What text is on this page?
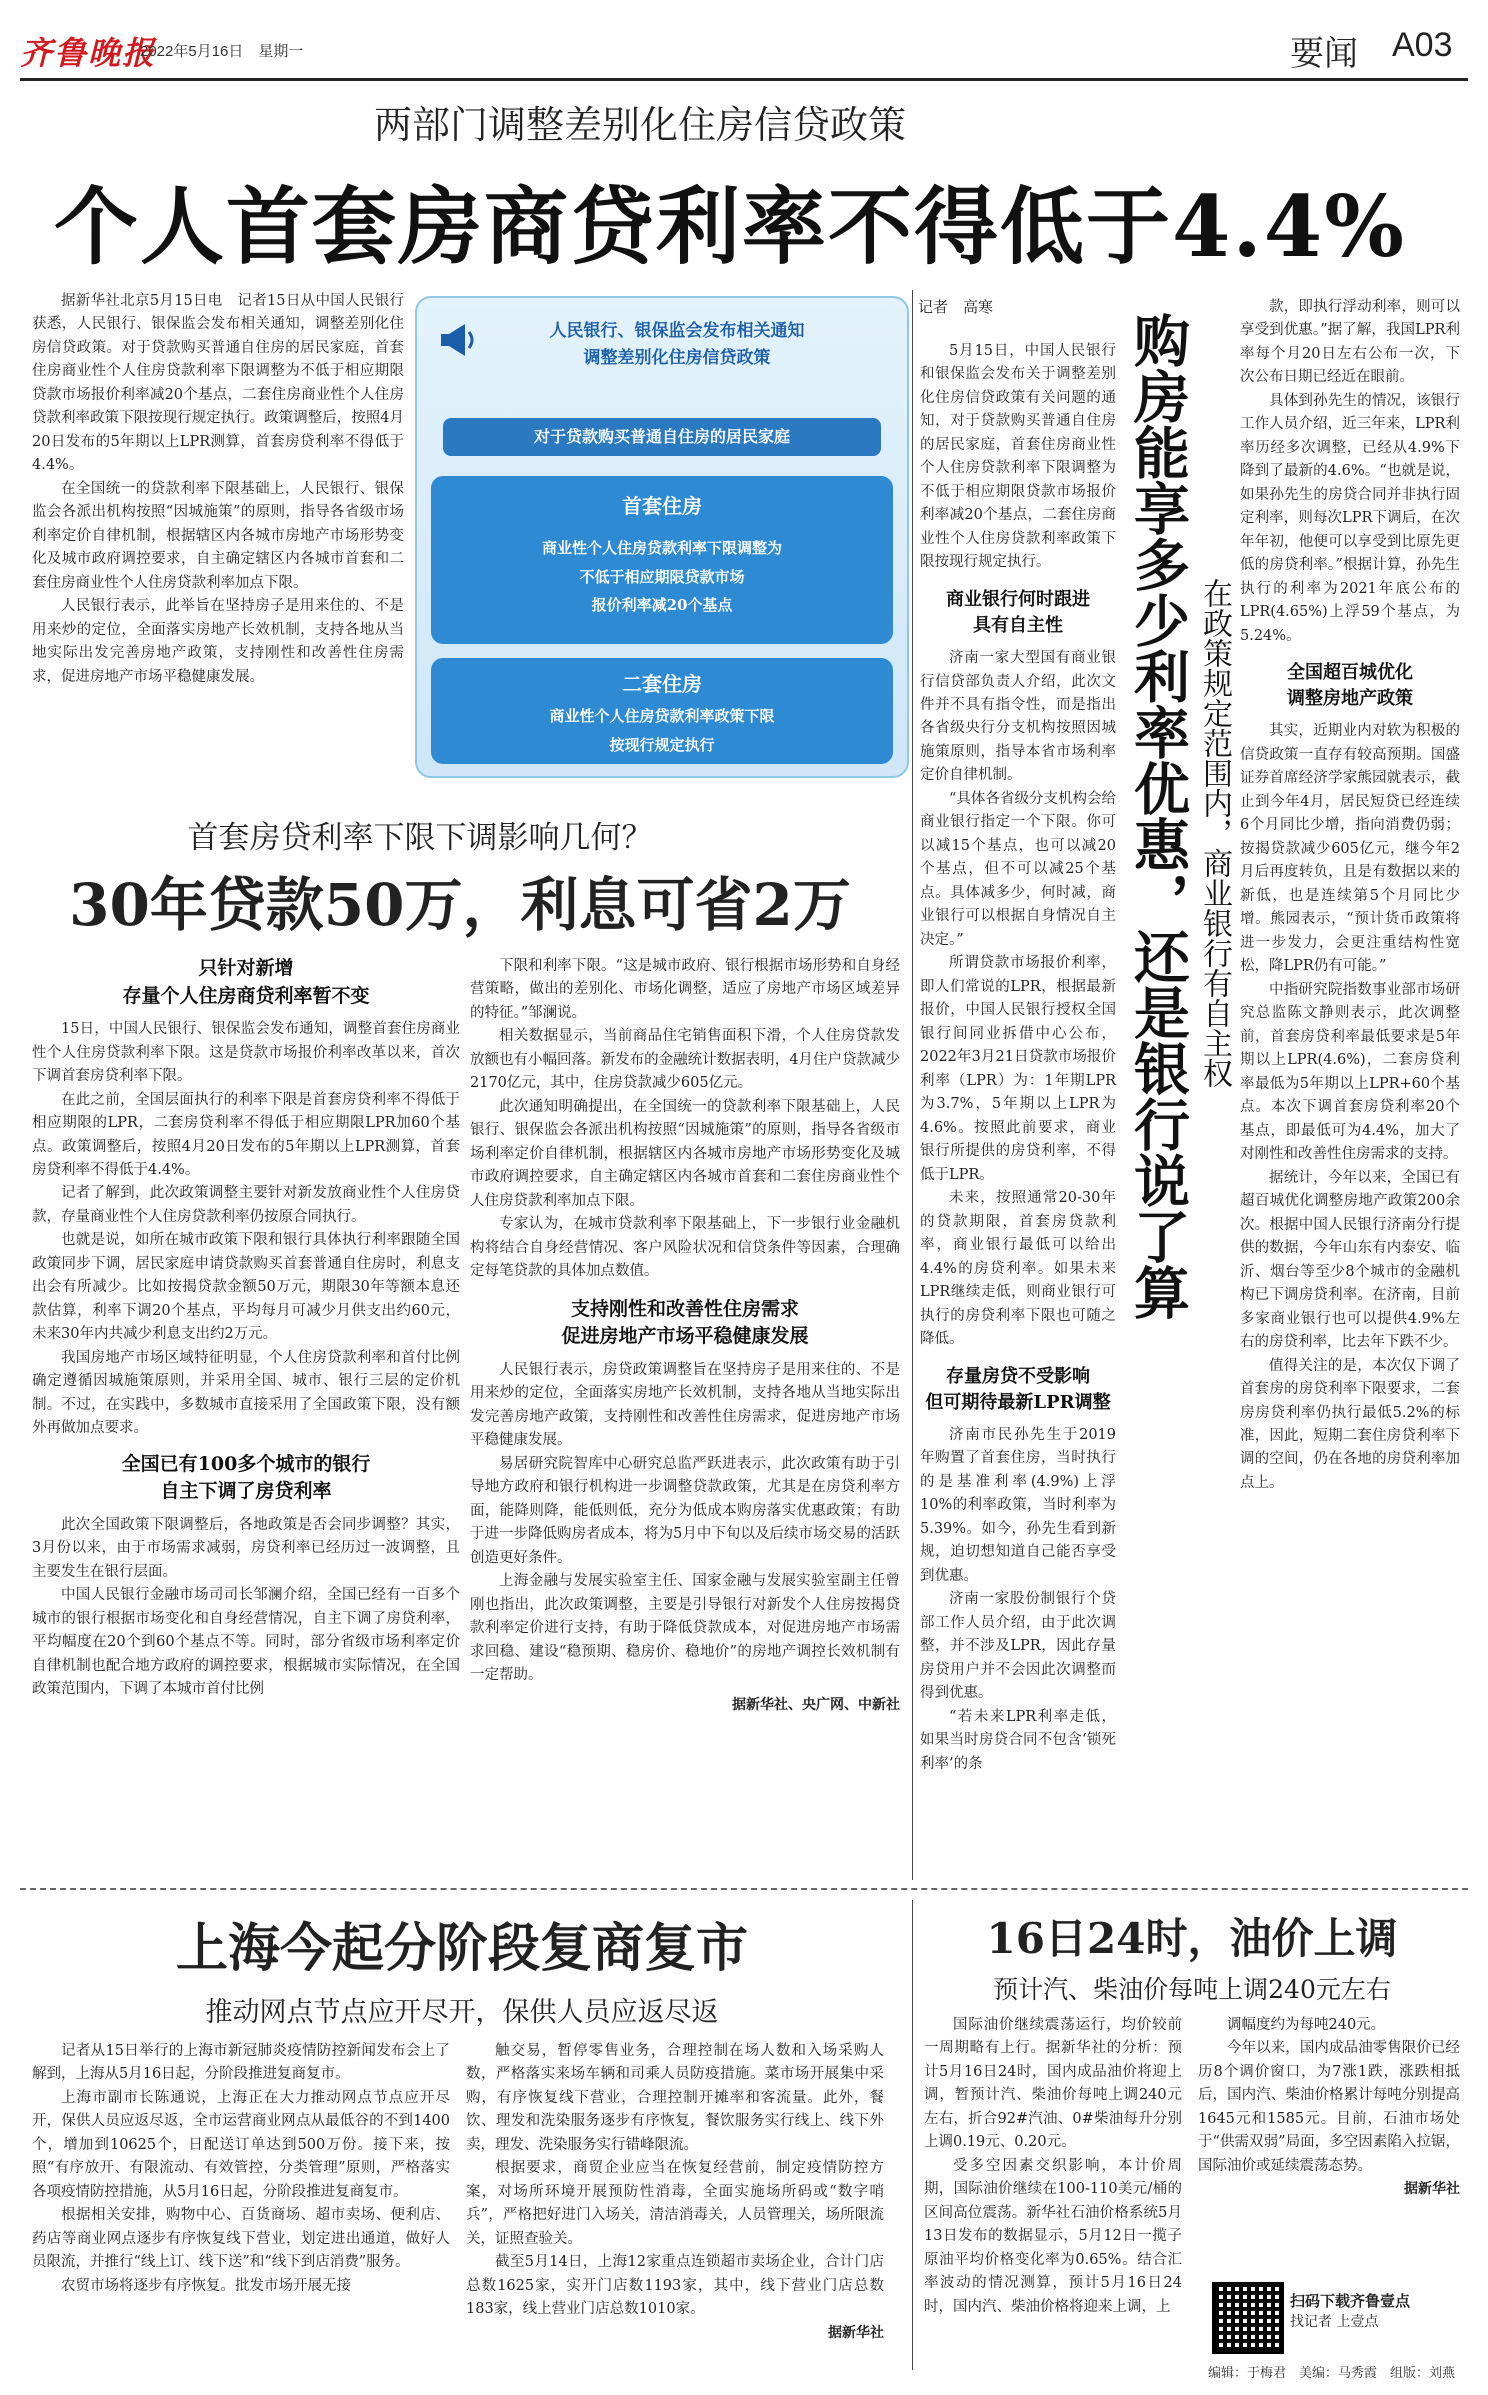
齐鲁晚报
2022年5月16日　星期一	要闻 A03
两部门调整差别化住房信贷政策
个人首套房商贷利率不得低于4.4%

据新华社北京5月15日电　记者15日从中国人民银行获悉，人民银行、银保监会发布相关通知，调整差别化住房信贷政策。对于贷款购买普通自住房的居民家庭，首套住房商业性个人住房贷款利率下限调整为不低于相应期限贷款市场报价利率减20个基点，二套住房商业性个人住房贷款利率政策下限按现行规定执行。政策调整后，按照4月20日发布的5年期以上LPR测算，首套房贷利率不得低于4.4%。

在全国统一的贷款利率下限基础上，人民银行、银保监会各派出机构按照“因城施策”的原则，指导各省级市场利率定价自律机制，根据辖区内各城市房地产市场形势变化及城市政府调控要求，自主确定辖区内各城市首套和二套住房商业性个人住房贷款利率加点下限。

人民银行表示，此举旨在坚持房子是用来住的、不是用来炒的定位，全面落实房地产长效机制，支持各地从当地实际出发完善房地产政策，支持刚性和改善性住房需求，促进房地产市场平稳健康发展。

人民银行、银保监会发布相关通知
调整差别化住房信贷政策
对于贷款购买普通自住房的居民家庭
首套住房
商业性个人住房贷款利率下限调整为
不低于相应期限贷款市场
报价利率减20个基点
二套住房
商业性个人住房贷款利率政策下限
按现行规定执行
首套房贷利率下限下调影响几何？
30年贷款50万，利息可省2万
只针对新增
存量个人住房商贷利率暂不变

15日，中国人民银行、银保监会发布通知，调整首套住房商业性个人住房贷款利率下限。这是贷款市场报价利率改革以来，首次下调首套房贷利率下限。

在此之前，全国层面执行的利率下限是首套房贷利率不得低于相应期限的LPR，二套房贷利率不得低于相应期限LPR加60个基点。政策调整后，按照4月20日发布的5年期以上LPR测算，首套房贷利率不得低于4.4%。

记者了解到，此次政策调整主要针对新发放商业性个人住房贷款，存量商业性个人住房贷款利率仍按原合同执行。

也就是说，如所在城市政策下限和银行具体执行利率跟随全国政策同步下调，居民家庭申请贷款购买首套普通自住房时，利息支出会有所减少。比如按揭贷款金额50万元，期限30年等额本息还款估算，利率下调20个基点，平均每月可减少月供支出约60元，未来30年内共减少利息支出约2万元。

我国房地产市场区域特征明显，个人住房贷款利率和首付比例确定遵循因城施策原则，并采用全国、城市、银行三层的定价机制。不过，在实践中，多数城市直接采用了全国政策下限，没有额外再做加点要求。

全国已有100多个城市的银行
自主下调了房贷利率

此次全国政策下限调整后，各地政策是否会同步调整？其实，3月份以来，由于市场需求减弱，房贷利率已经历过一波调整，且主要发生在银行层面。

中国人民银行金融市场司司长邹澜介绍，全国已经有一百多个城市的银行根据市场变化和自身经营情况，自主下调了房贷利率，平均幅度在20个到60个基点不等。同时，部分省级市场利率定价自律机制也配合地方政府的调控要求，根据城市实际情况，在全国政策范围内，下调了本城市首付比例

下限和利率下限。“这是城市政府、银行根据市场形势和自身经营策略，做出的差别化、市场化调整，适应了房地产市场区域差异的特征。”邹澜说。

相关数据显示，当前商品住宅销售面积下滑，个人住房贷款发放额也有小幅回落。新发布的金融统计数据表明，4月住户贷款减少2170亿元，其中，住房贷款减少605亿元。

此次通知明确提出，在全国统一的贷款利率下限基础上，人民银行、银保监会各派出机构按照“因城施策”的原则，指导各省级市场利率定价自律机制，根据辖区内各城市房地产市场形势变化及城市政府调控要求，自主确定辖区内各城市首套和二套住房商业性个人住房贷款利率加点下限。

专家认为，在城市贷款利率下限基础上，下一步银行业金融机构将结合自身经营情况、客户风险状况和信贷条件等因素，合理确定每笔贷款的具体加点数值。

支持刚性和改善性住房需求
促进房地产市场平稳健康发展

人民银行表示，房贷政策调整旨在坚持房子是用来住的、不是用来炒的定位，全面落实房地产长效机制，支持各地从当地实际出发完善房地产政策，支持刚性和改善性住房需求，促进房地产市场平稳健康发展。

易居研究院智库中心研究总监严跃进表示，此次政策有助于引导地方政府和银行机构进一步调整贷款政策，尤其是在房贷利率方面，能降则降，能低则低，充分为低成本购房落实优惠政策；有助于进一步降低购房者成本，将为5月中下旬以及后续市场交易的活跃创造更好条件。

上海金融与发展实验室主任、国家金融与发展实验室副主任曾刚也指出，此次政策调整，主要是引导银行对新发个人住房按揭贷款利率定价进行支持，有助于降低贷款成本，对促进房地产市场需求回稳、建设“稳预期、稳房价、稳地价”的房地产调控长效机制有一定帮助。

据新华社、央广网、中新社
记者　高寒

5月15日，中国人民银行和银保监会发布关于调整差别化住房信贷政策有关问题的通知，对于贷款购买普通自住房的居民家庭，首套住房商业性个人住房贷款利率下限调整为不低于相应期限贷款市场报价利率减20个基点，二套住房商业性个人住房贷款利率政策下限按现行规定执行。

商业银行何时跟进
具有自主性

济南一家大型国有商业银行信贷部负责人介绍，此次文件并不具有指令性，而是指出各省级央行分支机构按照因城施策原则，指导本省市场利率定价自律机制。

“具体各省级分支机构会给商业银行指定一个下限。你可以减15个基点，也可以减20个基点，但不可以减25个基点。具体减多少，何时减，商业银行可以根据自身情况自主决定。”

所谓贷款市场报价利率，即人们常说的LPR，根据最新报价，中国人民银行授权全国银行间同业拆借中心公布，2022年3月21日贷款市场报价利率（LPR）为：1年期LPR为3.7%，5年期以上LPR为4.6%。按照此前要求，商业银行所提供的房贷利率，不得低于LPR。

未来，按照通常20-30年的贷款期限，首套房贷款利率，商业银行最低可以给出4.4%的房贷利率。如果未来LPR继续走低，则商业银行可执行的房贷利率下限也可随之降低。

存量房贷不受影响
但可期待最新LPR调整

济南市民孙先生于2019年购置了首套住房，当时执行的是基准利率(4.9%)上浮10%的利率政策，当时利率为5.39%。如今，孙先生看到新规，迫切想知道自己能否享受到优惠。

济南一家股份制银行个贷部工作人员介绍，由于此次调整，并不涉及LPR，因此存量房贷用户并不会因此次调整而得到优惠。

“若未来LPR利率走低，如果当时房贷合同不包含‘锁死利率’的条

购房能享多少利率优惠，还是银行说了算 在政策规定范围内，商业银行有自主权

款，即执行浮动利率，则可以享受到优惠。”据了解，我国LPR利率每个月20日左右公布一次，下次公布日期已经近在眼前。

具体到孙先生的情况，该银行工作人员介绍，近三年来，LPR利率历经多次调整，已经从4.9%下降到了最新的4.6%。“也就是说，如果孙先生的房贷合同并非执行固定利率，则每次LPR下调后，在次年年初，他便可以享受到比原先更低的房贷利率。”根据计算，孙先生执行的利率为2021年底公布的LPR(4.65%)上浮59个基点，为5.24%。

全国超百城优化
调整房地产政策

其实，近期业内对软为积极的信贷政策一直存有较高预期。国盛证券首席经济学家熊园就表示，截止到今年4月，居民短贷已经连续6个月同比少增，指向消费仍弱；按揭贷款减少605亿元，继今年2月后再度转负，且是有数据以来的新低，也是连续第5个月同比少增。熊园表示，“预计货币政策将进一步发力，会更注重结构性宽松，降LPR仍有可能。”

中指研究院指数事业部市场研究总监陈文静则表示，此次调整前，首套房贷利率最低要求是5年期以上LPR(4.6%)，二套房贷利率最低为5年期以上LPR+60个基点。本次下调首套房贷利率20个基点，即最低可为4.4%，加大了对刚性和改善性住房需求的支持。

据统计，今年以来，全国已有超百城优化调整房地产政策200余次。根据中国人民银行济南分行提供的数据，今年山东有内泰安、临沂、烟台等至少8个城市的金融机构已下调房贷利率。在济南，目前多家商业银行也可以提供4.9%左右的房贷利率，比去年下跌不少。

值得关注的是，本次仅下调了首套房的房贷利率下限要求，二套房房贷利率仍执行最低5.2%的标准，因此，短期二套住房贷利率下调的空间，仍在各地的房贷利率加点上。

上海今起分阶段复商复市
推动网点节点应开尽开，保供人员应返尽返

记者从15日举行的上海市新冠肺炎疫情防控新闻发布会上了解到，上海从5月16日起，分阶段推进复商复市。

上海市副市长陈通说，上海正在大力推动网点节点应开尽开，保供人员应返尽返，全市运营商业网点从最低谷的不到1400个，增加到10625个，日配送订单达到500万份。接下来，按照“有序放开、有限流动、有效管控，分类管理”原则，严格落实各项疫情防控措施，从5月16日起，分阶段推进复商复市。

根据相关安排，购物中心、百货商场、超市卖场、便利店、药店等商业网点逐步有序恢复线下营业，划定进出通道，做好人员限流，并推行“线上订、线下送”和“线下到店消费”服务。

农贸市场将逐步有序恢复。批发市场开展无接

触交易，暂停零售业务，合理控制在场人数和入场采购人数，严格落实来场车辆和司乘人员防疫措施。菜市场开展集中采购，有序恢复线下营业，合理控制开摊率和客流量。此外，餐饮、理发和洗染服务逐步有序恢复，餐饮服务实行线上、线下外卖，理发、洗染服务实行错峰限流。

根据要求，商贸企业应当在恢复经营前，制定疫情防控方案，对场所环境开展预防性消毒，全面实施场所码或“数字哨兵”，严格把好进门入场关，清洁消毒关，人员管理关，场所限流关，证照查验关。

截至5月14日，上海12家重点连锁超市卖场企业，合计门店总数1625家，实开门店数1193家，其中，线下营业门店总数183家，线上营业门店总数1010家。

据新华社
16日24时，油价上调
预计汽、柴油价每吨上调240元左右

国际油价继续震荡运行，均价较前一周期略有上行。据新华社的分析：预计5月16日24时，国内成品油价将迎上调，暂预计汽、柴油价每吨上调240元左右，折合92#汽油、0#柴油每升分别上调0.19元、0.20元。

受多空因素交织影响，本计价周期，国际油价继续在100-110美元/桶的区间高位震荡。新华社石油价格系统5月13日发布的数据显示，5月12日一揽子原油平均价格变化率为0.65%。结合汇率波动的情况测算，预计5月16日24时，国内汽、柴油价格将迎来上调，上

调幅度约为每吨240元。

今年以来，国内成品油零售限价已经历8个调价窗口，为7涨1跌，涨跌相抵后，国内汽、柴油价格累计每吨分别提高1645元和1585元。目前，石油市场处于“供需双弱”局面，多空因素陷入拉锯，国际油价或延续震荡态势。

据新华社
扫码下载齐鲁壹点
找记者 上壹点
编辑：于梅君　美编：马秀霞　组版：刘燕
